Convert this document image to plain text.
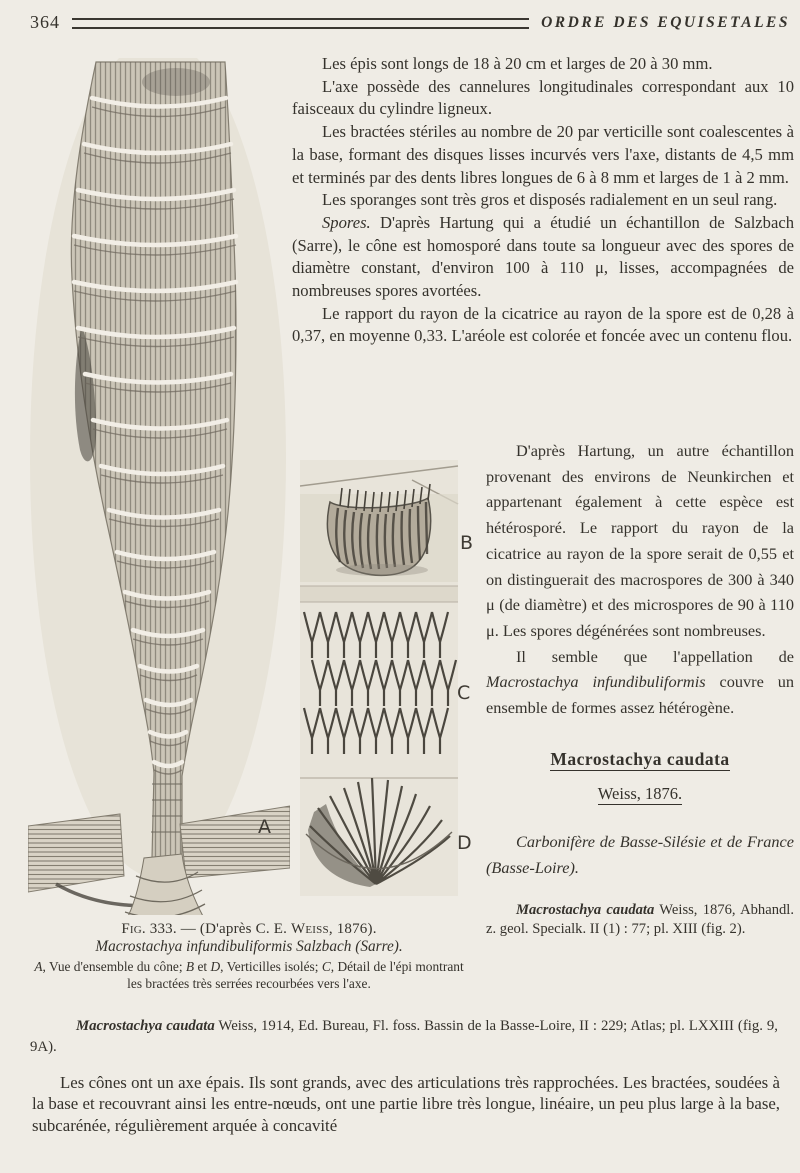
364	ORDRE DES EQUISETALES
A

Les épis sont longs de 18 à 20 cm et larges de 20 à 30 mm.

L'axe possède des cannelures longitudinales correspondant aux 10 faisceaux du cylindre ligneux.

Les bractées stériles au nombre de 20 par verticille sont coalescentes à la base, formant des disques lisses incurvés vers l'axe, distants de 4,5 mm et terminés par des dents libres longues de 6 à 8 mm et larges de 1 à 2 mm.

Les sporanges sont très gros et disposés radialement en un seul rang.

Spores. D'après Hartung qui a étudié un échantillon de Salzbach (Sarre), le cône est homosporé dans toute sa longueur avec des spores de diamètre constant, d'environ 100 à 110 μ, lisses, accompagnées de nombreuses spores avortées.

Le rapport du rayon de la cicatrice au rayon de la spore est de 0,28 à 0,37, en moyenne 0,33. L'aréole est colorée et foncée avec un contenu flou.

B
C
D

D'après Hartung, un autre échantillon provenant des environs de Neunkirchen et appartenant également à cette espèce est hétérosporé. Le rapport du rayon de la cicatrice au rayon de la spore serait de 0,55 et on distinguerait des macrospores de 300 à 340 μ (de diamètre) et des microspores de 90 à 110 μ. Les spores dégénérées sont nombreuses.

Il semble que l'appellation de Macrostachya infundibuliformis couvre un ensemble de formes assez hétérogène.

Macrostachya caudata
Weiss, 1876.

Carbonifère de Basse-Silésie et de France (Basse-Loire).

Macrostachya caudata Weiss, 1876, Abhandl. z. geol. Specialk. II (1) : 77; pl. XIII (fig. 2).

Fig. 333. — (D'après C. E. Weiss, 1876).
Macrostachya infundibuliformis Salzbach (Sarre).
A, Vue d'ensemble du cône; B et D, Verticilles isolés; C, Détail de l'épi montrant les bractées très serrées recourbées vers l'axe.

Macrostachya caudata Weiss, 1914, Ed. Bureau, Fl. foss. Bassin de la Basse-Loire, II : 229; Atlas; pl. LXXIII (fig. 9, 9A).

Les cônes ont un axe épais. Ils sont grands, avec des articulations très rapprochées. Les bractées, soudées à la base et recouvrant ainsi les entre-nœuds, ont une partie libre très longue, linéaire, un peu plus large à la base, subcarénée, régulièrement arquée à concavité
